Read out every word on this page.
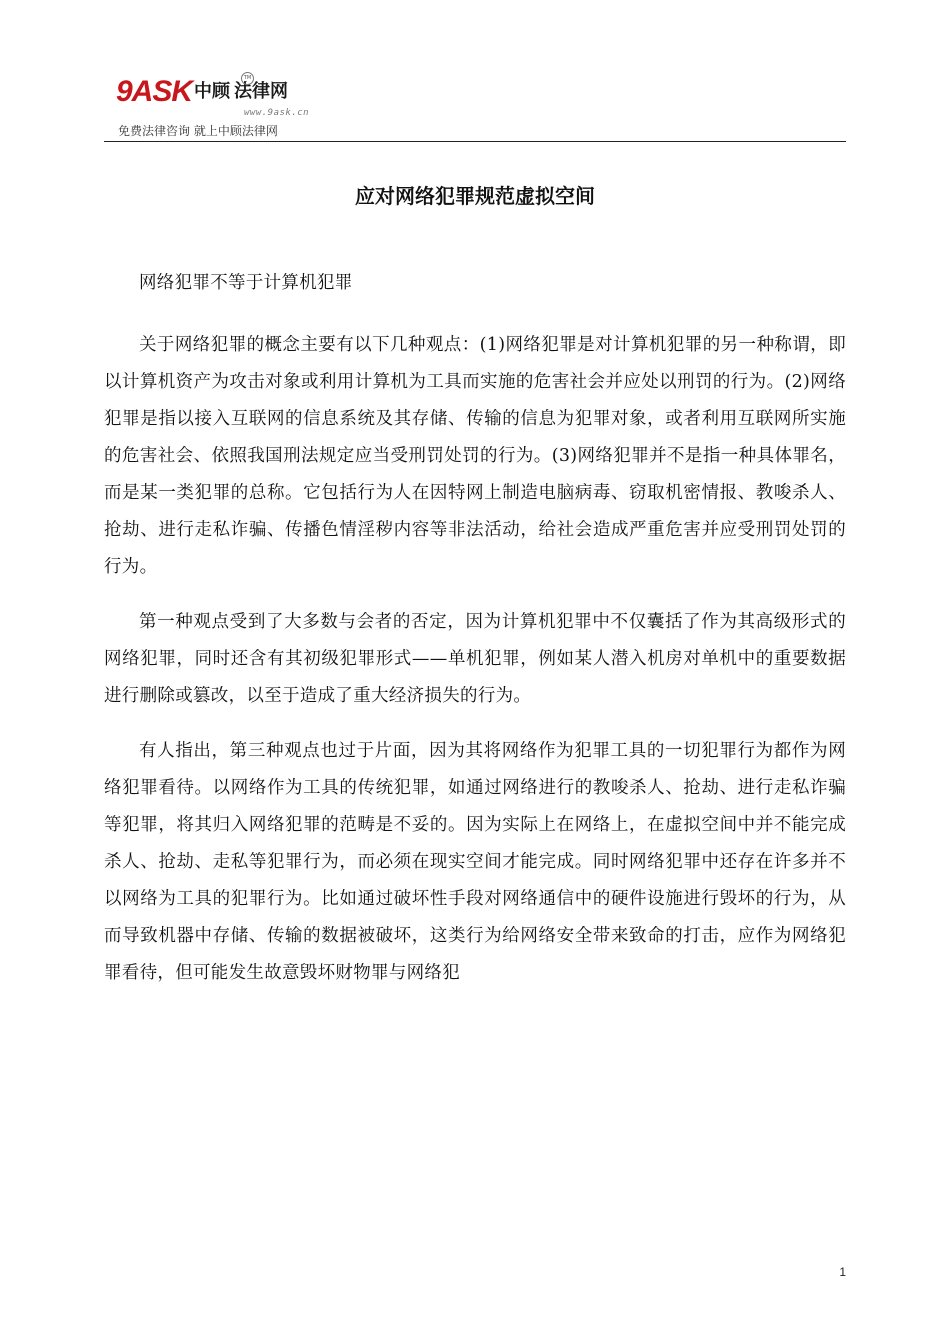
9ASK 中顾 法律网
TM
www.9ask.cn
免费法律咨询 就上中顾法律网
应对网络犯罪规范虚拟空间

网络犯罪不等于计算机犯罪

关于网络犯罪的概念主要有以下几种观点：(1)网络犯罪是对计算机犯罪的另一种称谓，即以计算机资产为攻击对象或利用计算机为工具而实施的危害社会并应处以刑罚的行为。(2)网络犯罪是指以接入互联网的信息系统及其存储、传输的信息为犯罪对象，或者利用互联网所实施的危害社会、依照我国刑法规定应当受刑罚处罚的行为。(3)网络犯罪并不是指一种具体罪名，而是某一类犯罪的总称。它包括行为人在因特网上制造电脑病毒、窃取机密情报、教唆杀人、抢劫、进行走私诈骗、传播色情淫秽内容等非法活动，给社会造成严重危害并应受刑罚处罚的行为。

第一种观点受到了大多数与会者的否定，因为计算机犯罪中不仅囊括了作为其高级形式的网络犯罪，同时还含有其初级犯罪形式——单机犯罪，例如某人潜入机房对单机中的重要数据进行删除或篡改，以至于造成了重大经济损失的行为。

有人指出，第三种观点也过于片面，因为其将网络作为犯罪工具的一切犯罪行为都作为网络犯罪看待。以网络作为工具的传统犯罪，如通过网络进行的教唆杀人、抢劫、进行走私诈骗等犯罪，将其归入网络犯罪的范畴是不妥的。因为实际上在网络上，在虚拟空间中并不能完成杀人、抢劫、走私等犯罪行为，而必须在现实空间才能完成。同时网络犯罪中还存在许多并不以网络为工具的犯罪行为。比如通过破坏性手段对网络通信中的硬件设施进行毁坏的行为，从而导致机器中存储、传输的数据被破坏，这类行为给网络安全带来致命的打击，应作为网络犯罪看待，但可能发生故意毁坏财物罪与网络犯

1
